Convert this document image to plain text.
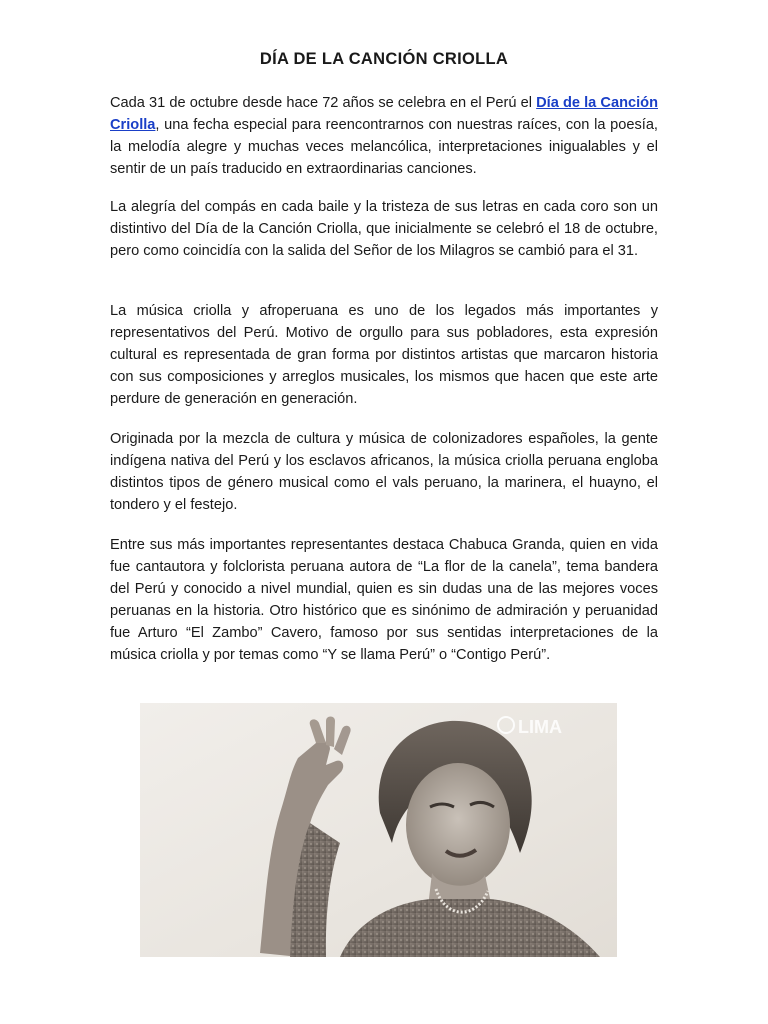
DÍA DE LA CANCIÓN CRIOLLA

Cada 31 de octubre desde hace 72 años se celebra en el Perú el Día de la Canción Criolla, una fecha especial para reencontrarnos con nuestras raíces, con la poesía, la melodía alegre y muchas veces melancólica, interpretaciones inigualables y el sentir de un país traducido en extraordinarias canciones.

La alegría del compás en cada baile y la tristeza de sus letras en cada coro son un distintivo del Día de la Canción Criolla, que inicialmente se celebró el 18 de octubre, pero como coincidía con la salida del Señor de los Milagros se cambió para el 31.

La música criolla y afroperuana es uno de los legados más importantes y representativos del Perú. Motivo de orgullo para sus pobladores, esta expresión cultural es representada de gran forma por distintos artistas que marcaron historia con sus composiciones y arreglos musicales, los mismos que hacen que este arte perdure de generación en generación.

Originada por la mezcla de cultura y música de colonizadores españoles, la gente indígena nativa del Perú y los esclavos africanos, la música criolla peruana engloba distintos tipos de género musical como el vals peruano, la marinera, el huayno, el tondero y el festejo.

Entre sus más importantes representantes destaca Chabuca Granda, quien en vida fue cantautora y folclorista peruana autora de “La flor de la canela”, tema bandera del Perú y conocido a nivel mundial, quien es sin dudas una de las mejores voces peruanas en la historia. Otro histórico que es sinónimo de admiración y peruanidad fue Arturo “El Zambo” Cavero, famoso por sus sentidas interpretaciones de la música criolla y por temas como “Y se llama Perú” o “Contigo Perú”.

LIMA
